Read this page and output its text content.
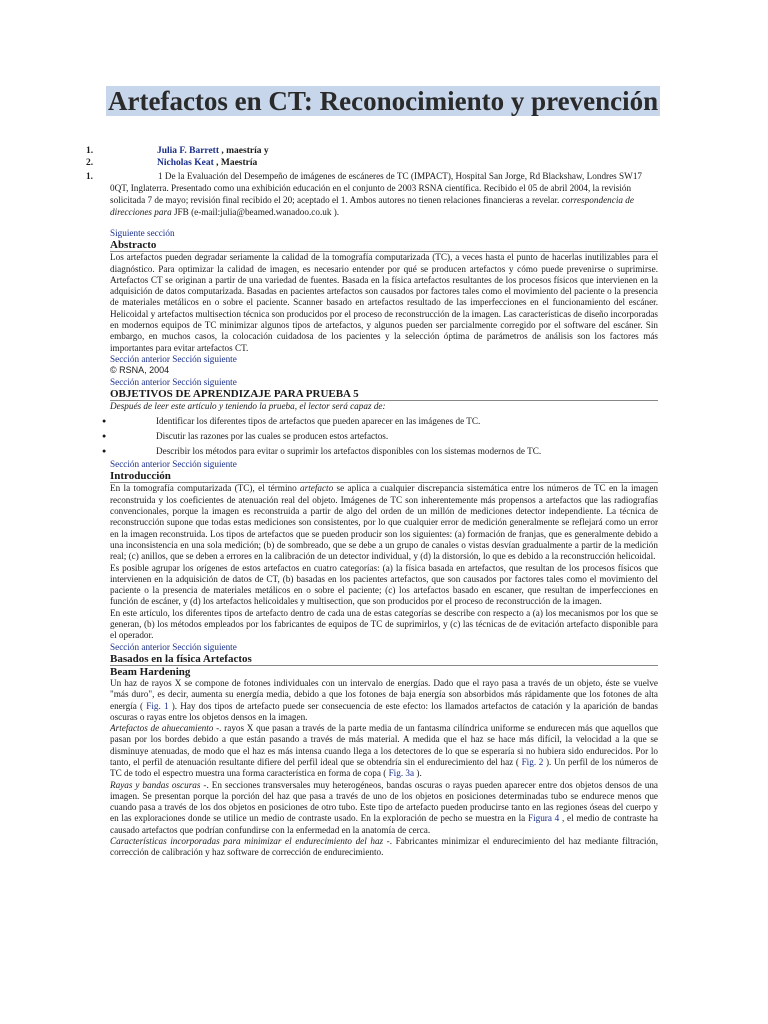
Artefactos en CT: Reconocimiento y prevención
1.	Julia F. Barrett , maestría y
2.	Nicholas Keat , Maestría

1.	1 De la Evaluación del Desempeño de imágenes de escáneres de TC (IMPACT), Hospital San Jorge, Rd Blackshaw, Londres SW17 0QT, Inglaterra. Presentado como una exhibición educación en el conjunto de 2003 RSNA científica. Recibido el 05 de abril 2004, la revisión solicitada 7 de mayo; revisión final recibido el 20; aceptado el 1. Ambos autores no tienen relaciones financieras a revelar. correspondencia de direcciones para JFB (e-mail:julia@beamed.wanadoo.co.uk ).

Siguiente sección
Abstracto

Los artefactos pueden degradar seriamente la calidad de la tomografía computarizada (TC), a veces hasta el punto de hacerlas inutilizables para el diagnóstico. Para optimizar la calidad de imagen, es necesario entender por qué se producen artefactos y cómo puede prevenirse o suprimirse. Artefactos CT se originan a partir de una variedad de fuentes. Basada en la física artefactos resultantes de los procesos físicos que intervienen en la adquisición de datos computarizada. Basadas en pacientes artefactos son causados por factores tales como el movimiento del paciente o la presencia de materiales metálicos en o sobre el paciente. Scanner basado en artefactos resultado de las imperfecciones en el funcionamiento del escáner. Helicoidal y artefactos multisection técnica son producidos por el proceso de reconstrucción de la imagen. Las características de diseño incorporadas en modernos equipos de TC minimizar algunos tipos de artefactos, y algunos pueden ser parcialmente corregido por el software del escáner. Sin embargo, en muchos casos, la colocación cuidadosa de los pacientes y la selección óptima de parámetros de análisis son los factores más importantes para evitar artefactos CT.

Sección anterior Sección siguiente

© RSNA, 2004

Sección anterior Sección siguiente
OBJETIVOS DE APRENDIZAJE PARA PRUEBA 5

Después de leer este artículo y teniendo la prueba, el lector será capaz de:

● Identificar los diferentes tipos de artefactos que pueden aparecer en las imágenes de TC.
● Discutir las razones por las cuales se producen estos artefactos.
● Describir los métodos para evitar o suprimir los artefactos disponibles con los sistemas modernos de TC.
Sección anterior Sección siguiente
Introducción

En la tomografía computarizada (TC), el término artefacto se aplica a cualquier discrepancia sistemática entre los números de TC en la imagen reconstruida y los coeficientes de atenuación real del objeto. Imágenes de TC son inherentemente más propensos a artefactos que las radiografías convencionales, porque la imagen es reconstruida a partir de algo del orden de un millón de mediciones detector independiente. La técnica de reconstrucción supone que todas estas mediciones son consistentes, por lo que cualquier error de medición generalmente se reflejará como un error en la imagen reconstruida. Los tipos de artefactos que se pueden producir son los siguientes: (a) formación de franjas, que es generalmente debido a una inconsistencia en una sola medición; (b) de sombreado, que se debe a un grupo de canales o vistas desvían gradualmente a partir de la medición real; (c) anillos, que se deben a errores en la calibración de un detector individual, y (d) la distorsión, lo que es debido a la reconstrucción helicoidal.

Es posible agrupar los orígenes de estos artefactos en cuatro categorías: (a) la física basada en artefactos, que resultan de los procesos físicos que intervienen en la adquisición de datos de CT, (b) basadas en los pacientes artefactos, que son causados por factores tales como el movimiento del paciente o la presencia de materiales metálicos en o sobre el paciente; (c) los artefactos basado en escaner, que resultan de imperfecciones en función de escáner, y (d) los artefactos helicoidales y multisection, que son producidos por el proceso de reconstrucción de la imagen.

En este artículo, los diferentes tipos de artefacto dentro de cada una de estas categorías se describe con respecto a (a) los mecanismos por los que se generan, (b) los métodos empleados por los fabricantes de equipos de TC de suprimirlos, y (c) las técnicas de de evitación artefacto disponible para el operador.

Sección anterior Sección siguiente
Basados en la física Artefactos
Beam Hardening

Un haz de rayos X se compone de fotones individuales con un intervalo de energías. Dado que el rayo pasa a través de un objeto, éste se vuelve "más duro", es decir, aumenta su energía media, debido a que los fotones de baja energía son absorbidos más rápidamente que los fotones de alta energía ( Fig. 1 ). Hay dos tipos de artefacto puede ser consecuencia de este efecto: los llamados artefactos de catación y la aparición de bandas oscuras o rayas entre los objetos densos en la imagen.

Artefactos de ahuecamiento -. rayos X que pasan a través de la parte media de un fantasma cilíndrica uniforme se endurecen más que aquellos que pasan por los bordes debido a que están pasando a través de más material. A medida que el haz se hace más difícil, la velocidad a la que se disminuye atenuadas, de modo que el haz es más intensa cuando llega a los detectores de lo que se esperaría si no hubiera sido endurecidos. Por lo tanto, el perfil de atenuación resultante difiere del perfil ideal que se obtendría sin el endurecimiento del haz ( Fig. 2 ). Un perfil de los números de TC de todo el espectro muestra una forma característica en forma de copa ( Fig. 3a ).

Rayas y bandas oscuras -. En secciones transversales muy heterogéneos, bandas oscuras o rayas pueden aparecer entre dos objetos densos de una imagen. Se presentan porque la porción del haz que pasa a través de uno de los objetos en posiciones determinadas tubo se endurece menos que cuando pasa a través de los dos objetos en posiciones de otro tubo. Este tipo de artefacto pueden producirse tanto en las regiones óseas del cuerpo y en las exploraciones donde se utilice un medio de contraste usado. En la exploración de pecho se muestra en la Figura 4 , el medio de contraste ha causado artefactos que podrían confundirse con la enfermedad en la anatomía de cerca.

Características incorporadas para minimizar el endurecimiento del haz -. Fabricantes minimizar el endurecimiento del haz mediante filtración, corrección de calibración y haz software de corrección de endurecimiento.
